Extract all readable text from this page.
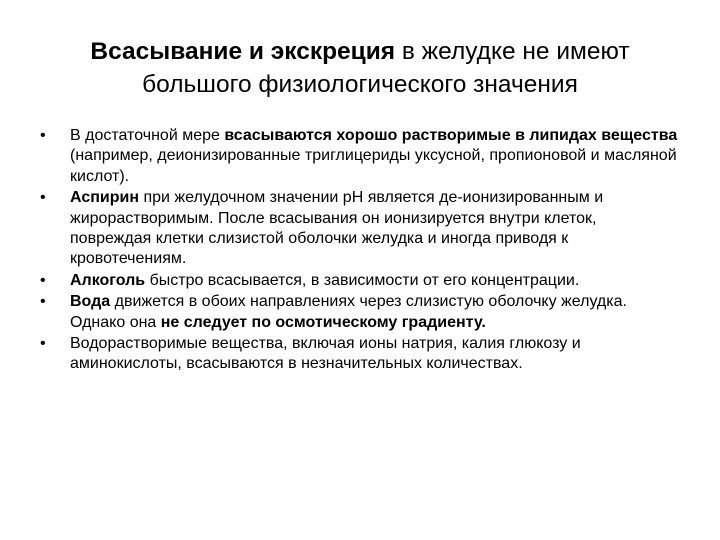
Всасывание и экскреция в желудке не имеют
большого физиологического значения
• В достаточной мере всасываются хорошо растворимые в липидах вещества (например, деионизированные триглицериды уксусной, пропионовой и масляной кислот).
• Аспирин при желудочном значении pH является де-ионизированным и жирорастворимым. После всасывания он ионизируется внутри клеток, повреждая клетки слизистой оболочки желудка и иногда приводя к кровотечениям.
• Алкоголь быстро всасывается, в зависимости от его концентрации.
• Вода движется в обоих направлениях через слизистую оболочку желудка. Однако она не следует по осмотическому градиенту.
• Водорастворимые вещества, включая ионы натрия, калия глюкозу и аминокислоты, всасываются в незначительных количествах.
